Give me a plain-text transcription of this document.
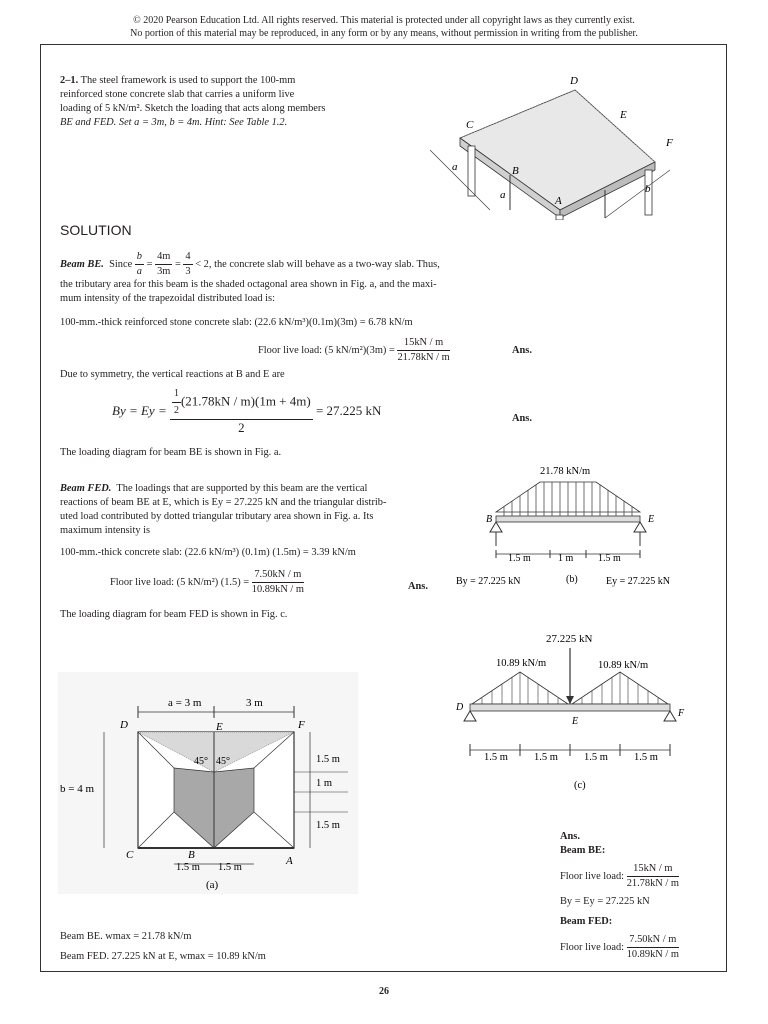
© 2020 Pearson Education Ltd. All rights reserved. This material is protected under all copyright laws as they currently exist.
No portion of this material may be reproduced, in any form or by any means, without permission in writing from the publisher.
2–1. The steel framework is used to support the 100-mm
reinforced stone concrete slab that carries a uniform live
loading of 5 kN/m². Sketch the loading that acts along members
BE and FED. Set a = 3m, b = 4m. Hint: See Table 1.2.
D
C
E
F
B
A
a
a	b
SOLUTION
Beam BE. Since $\frac{b}{a} = \frac{4m}{3m} = \frac{4}{3} < 2$, the concrete slab will behave as a two-way slab. Thus,
the tributary area for this beam is the shaded octagonal area shown in Fig. a, and the maxi-
mum intensity of the trapezoidal distributed load is:
100-mm.-thick reinforced stone concrete slab: (22.6 kN/m³)(0.1m)(3m) = 6.78 kN/m
Floor live load: (5 $kN/m^2)(3m) = \frac{15kN / m}{21.78kN / m}$	Ans.
Due to symmetry, the vertical reactions at B and E are
$By = Ey = \frac{\frac{1}{2} (21.78kN / m)(1m + 4m)}{2} = 27.225$ kN
Ans.
The loading diagram for beam BE is shown in Fig. a.
Beam FED. The loadings that are supported by this beam are the vertical
reactions of beam BE at E, which is Ey = 27.225 kN and the triangular distrib-
uted load contributed by dotted triangular tributary area shown in Fig. a. Its
maximum intensity is
100-mm.-thick concrete slab: (22.6 kN/m³) (0.1m) (1.5m) = 3.39 kN/m
Floor live load: (5 kN/m²) $(1.5) = \frac{7.50kN / m}{10.89kN / m}$	Ans.
The loading diagram for beam FED is shown in Fig. c.
21.78 kN/m
B	E
1.5 m	1 m 1.5 m
By = 27.225 kN	(b)	Ey = 27.225 kN
27.225 kN
10.89 kN/m	10.89 kN/m
D
E
F
1.5 m 1.5 m 1.5 m 1.5 m
(c)
a = 3 m	3 m
D	E	F
C	B	A
45° 45°
b = 4 m
1.5 m
1 m
1.5 m
1.5 m 1.5 m
(a)
Ans.
Beam BE:
Floor live load: $\frac{15kN / m}{21.78kN / m}$
By = Ey = 27.225 kN
Beam FED:
Floor live load: $\frac{7.50kN / m}{10.89kN / m}$
Beam BE. wmax = 21.78 kN/m
Beam FED. 27.225 kN at E, wmax = 10.89 kN/m
26
